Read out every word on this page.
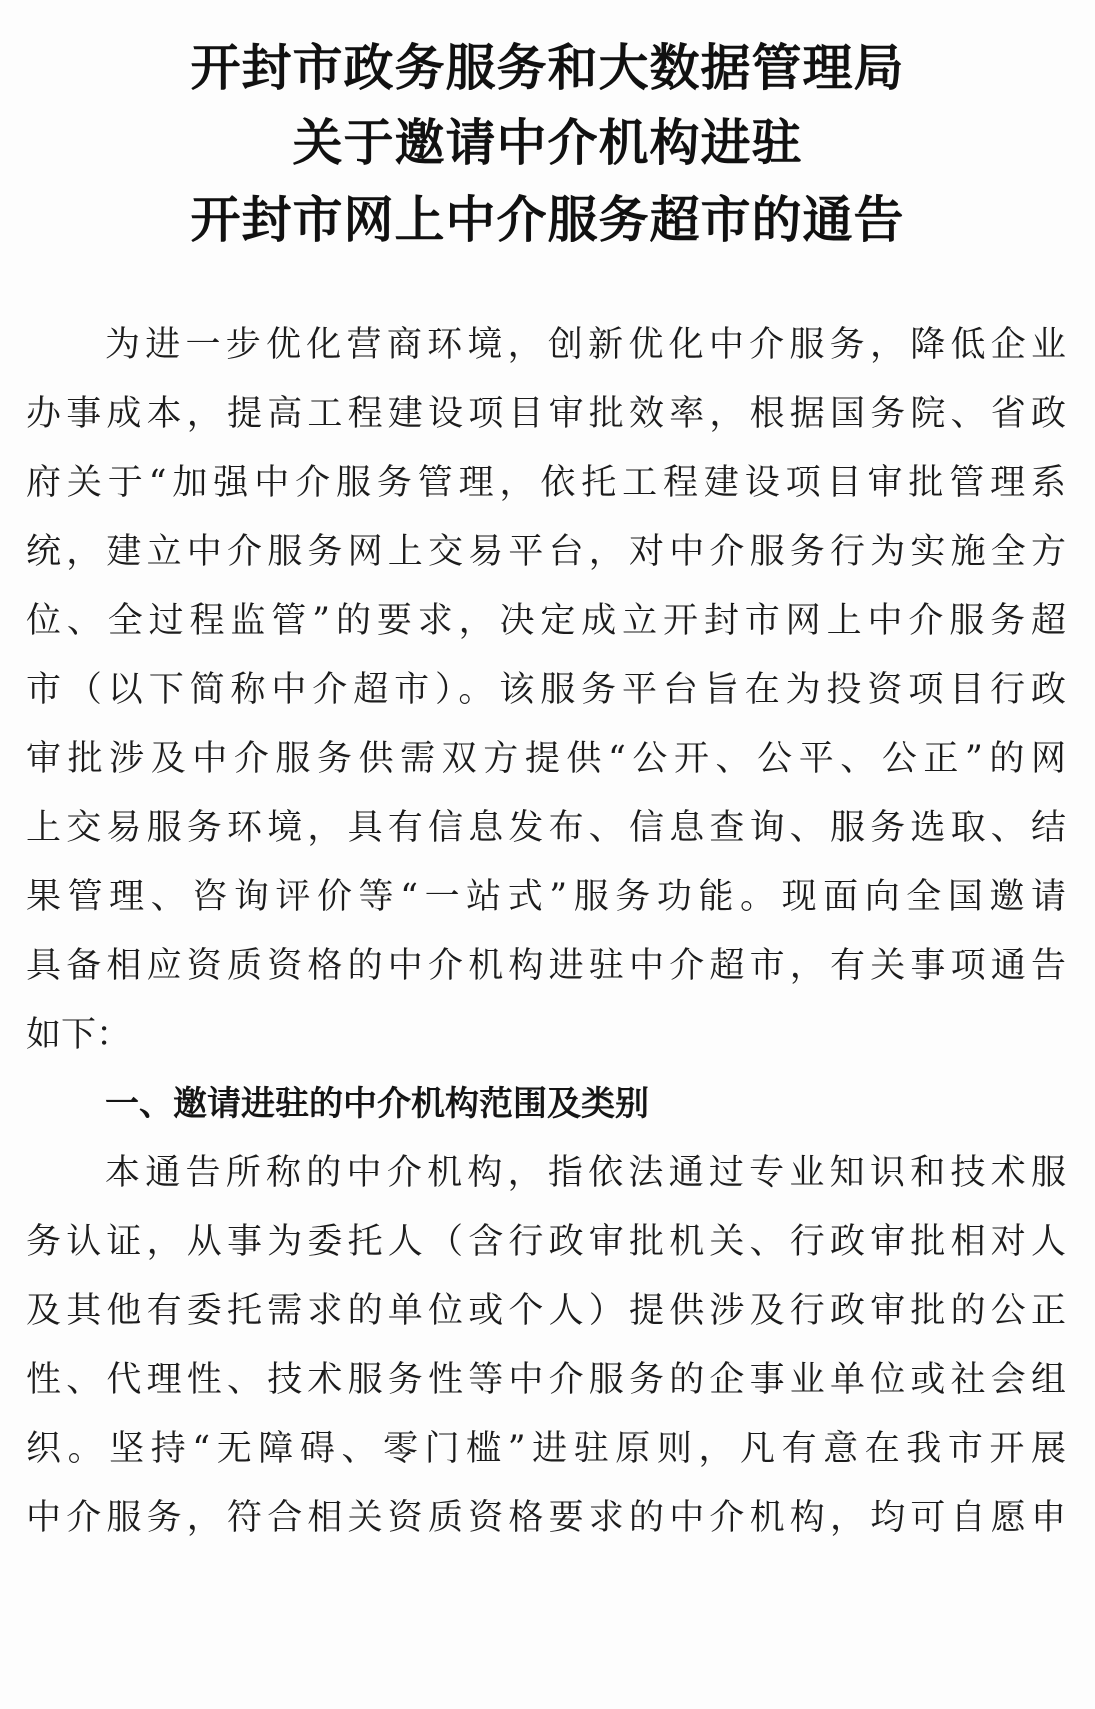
开封市政务服务和大数据管理局
关于邀请中介机构进驻
开封市网上中介服务超市的通告
为进一步优化营商环境，创新优化中介服务，降低企业
办事成本，提高工程建设项目审批效率，根据国务院、省政
府关于“加强中介服务管理，依托工程建设项目审批管理系
统，建立中介服务网上交易平台，对中介服务行为实施全方
位、全过程监管”的要求，决定成立开封市网上中介服务超
市（以下简称中介超市）。该服务平台旨在为投资项目行政
审批涉及中介服务供需双方提供“公开、公平、公正”的网
上交易服务环境，具有信息发布、信息查询、服务选取、结
果管理、咨询评价等“一站式”服务功能。现面向全国邀请
具备相应资质资格的中介机构进驻中介超市，有关事项通告
如下：
一、邀请进驻的中介机构范围及类别
本通告所称的中介机构，指依法通过专业知识和技术服
务认证，从事为委托人（含行政审批机关、行政审批相对人
及其他有委托需求的单位或个人）提供涉及行政审批的公正
性、代理性、技术服务性等中介服务的企事业单位或社会组
织。坚持“无障碍、零门槛”进驻原则，凡有意在我市开展
中介服务，符合相关资质资格要求的中介机构，均可自愿申
